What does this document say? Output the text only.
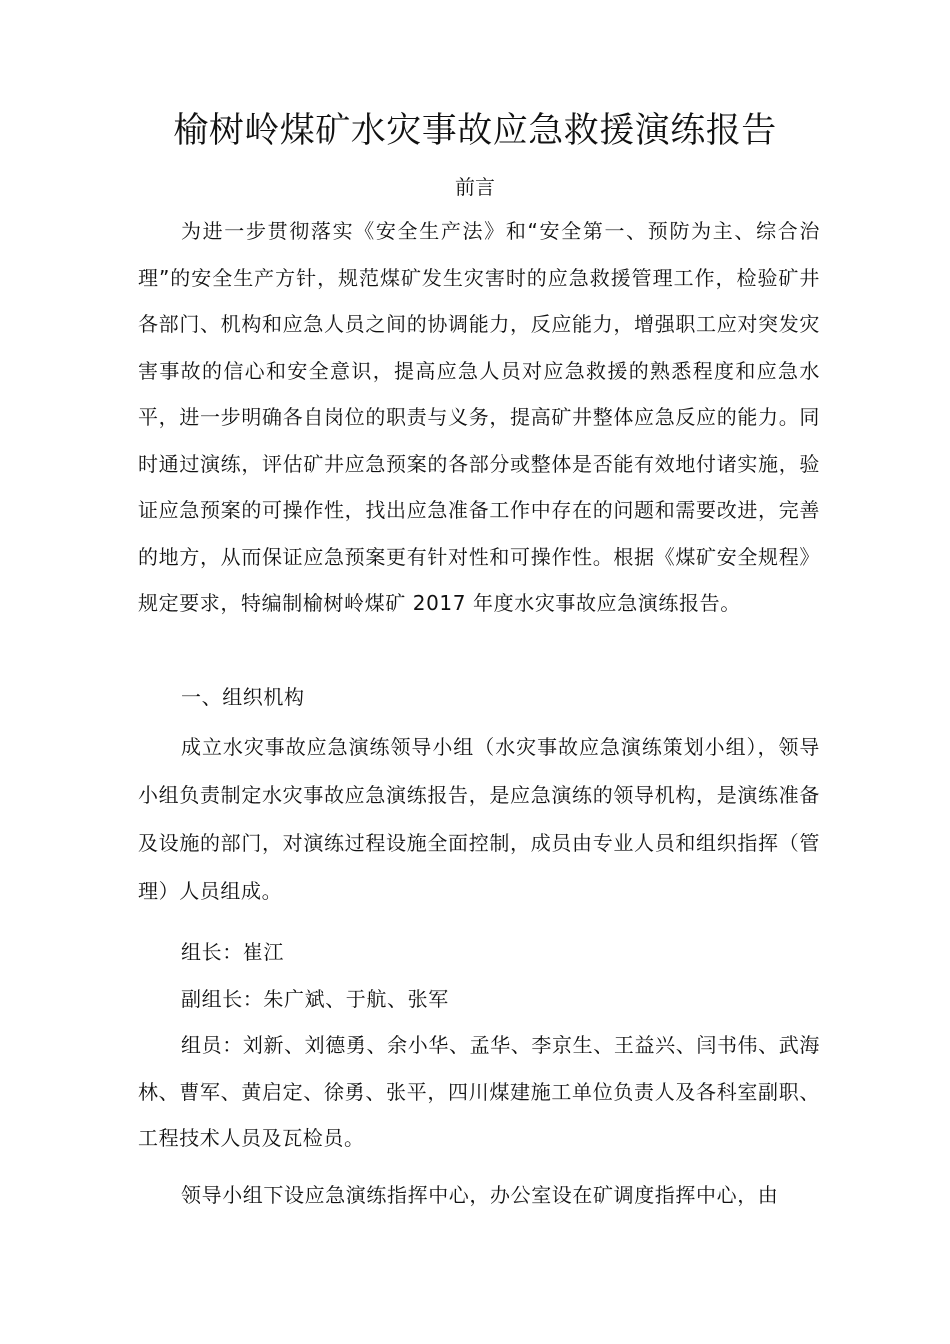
榆树岭煤矿水灾事故应急救援演练报告
前言

为进一步贯彻落实《安全生产法》和“安全第一、预防为主、综合治理”的安全生产方针，规范煤矿发生灾害时的应急救援管理工作，检验矿井各部门、机构和应急人员之间的协调能力，反应能力，增强职工应对突发灾害事故的信心和安全意识，提高应急人员对应急救援的熟悉程度和应急水平，进一步明确各自岗位的职责与义务，提高矿井整体应急反应的能力。同时通过演练，评估矿井应急预案的各部分或整体是否能有效地付诸实施，验证应急预案的可操作性，找出应急准备工作中存在的问题和需要改进，完善的地方，从而保证应急预案更有针对性和可操作性。根据《煤矿安全规程》规定要求，特编制榆树岭煤矿 2017 年度水灾事故应急演练报告。

一、组织机构

成立水灾事故应急演练领导小组（水灾事故应急演练策划小组），领导小组负责制定水灾事故应急演练报告，是应急演练的领导机构，是演练准备及设施的部门，对演练过程设施全面控制，成员由专业人员和组织指挥（管理）人员组成。

组长：崔江

副组长：朱广斌、于航、张军

组员：刘新、刘德勇、余小华、孟华、李京生、王益兴、闫书伟、武海林、曹军、黄启定、徐勇、张平，四川煤建施工单位负责人及各科室副职、工程技术人员及瓦检员。

领导小组下设应急演练指挥中心，办公室设在矿调度指挥中心，由
